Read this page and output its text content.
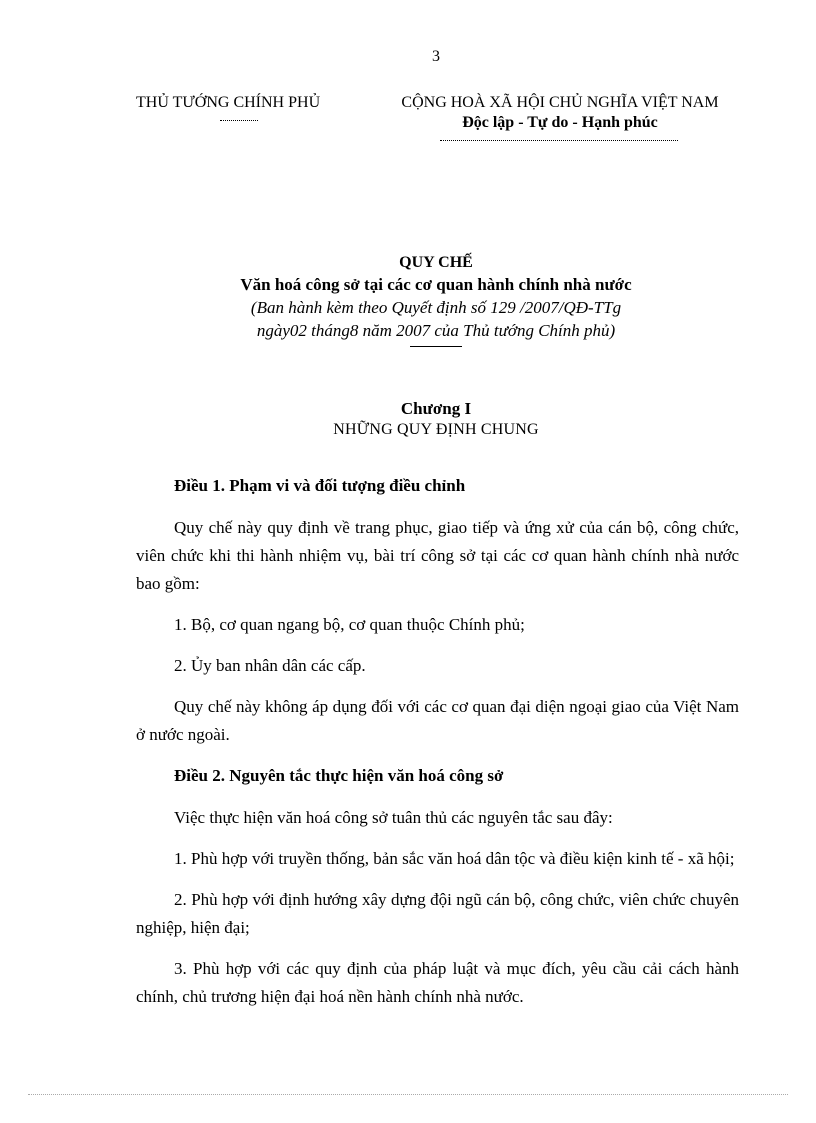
3
THỦ TƯỚNG CHÍNH PHỦ	CỘNG HOÀ XÃ HỘI CHỦ NGHĨA VIỆT NAM
Độc lập - Tự do - Hạnh phúc
QUY CHẾ
Văn hoá công sở tại các cơ quan hành chính nhà nước
(Ban hành kèm theo Quyết định số 129 /2007/QĐ-TTg
ngày02 tháng8 năm 2007 của Thủ tướng Chính phủ)
Chương I
NHỮNG QUY ĐỊNH CHUNG
Điều 1. Phạm vi và đối tượng điều chỉnh

Quy chế này quy định về trang phục, giao tiếp và ứng xử của cán bộ, công chức, viên chức khi thi hành nhiệm vụ, bài trí công sở tại các cơ quan hành chính nhà nước bao gồm:

1. Bộ, cơ quan ngang bộ, cơ quan thuộc Chính phủ;

2. Ủy ban nhân dân các cấp.

Quy chế này không áp dụng đối với các cơ quan đại diện ngoại giao của Việt Nam ở nước ngoài.

Điều 2. Nguyên tắc thực hiện văn hoá công sở

Việc thực hiện văn hoá công sở tuân thủ các nguyên tắc sau đây:

1. Phù hợp với truyền thống, bản sắc văn hoá dân tộc và điều kiện kinh tế - xã hội;

2. Phù hợp với định hướng xây dựng đội ngũ cán bộ, công chức, viên chức chuyên nghiệp, hiện đại;

3. Phù hợp với các quy định của pháp luật và mục đích, yêu cầu cải cách hành chính, chủ trương hiện đại hoá nền hành chính nhà nước.
